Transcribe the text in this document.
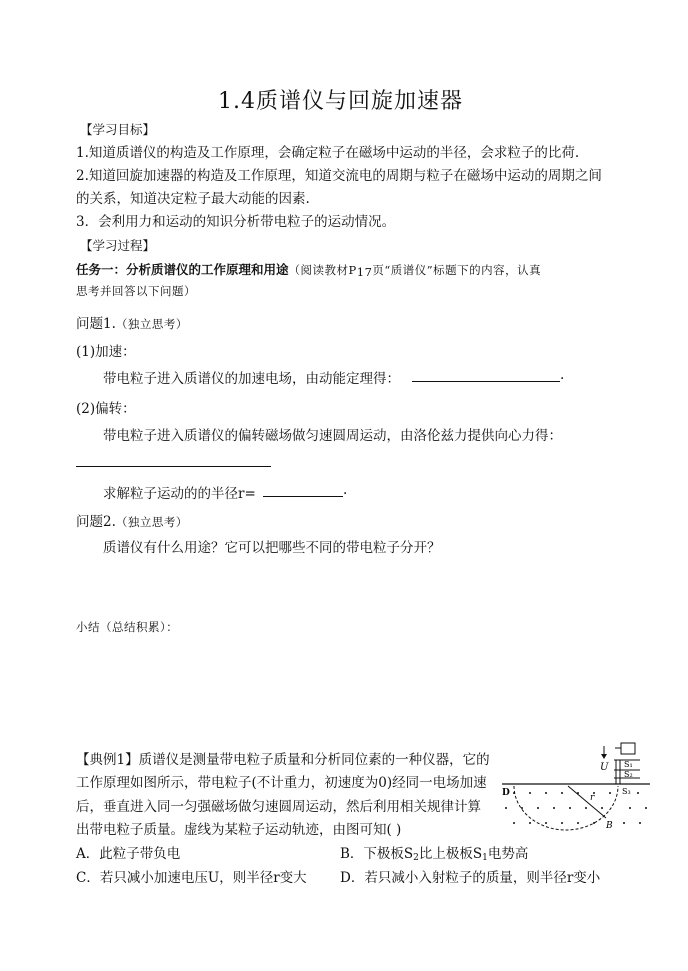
1.4质谱仪与回旋加速器
【学习目标】
1.知道质谱仪的构造及工作原理，会确定粒子在磁场中运动的半径，会求粒子的比荷.
2.知道回旋加速器的构造及工作原理，知道交流电的周期与粒子在磁场中运动的周期之间
的关系，知道决定粒子最大动能的因素.
3．会利用力和运动的知识分析带电粒子的运动情况。
【学习过程】
任务一：分析质谱仪的工作原理和用途（阅读教材$P_{17}$页“质谱仪”标题下的内容，认真
思考并回答以下问题）
问题1.（独立思考）
(1)加速：
带电粒子进入质谱仪的加速电场，由动能定理得：	.
(2)偏转：
带电粒子进入质谱仪的偏转磁场做匀速圆周运动，由洛伦兹力提供向心力得：
求解粒子运动的的半径r=	.
问题2.（独立思考）
质谱仪有什么用途？它可以把哪些不同的带电粒子分开？
小结（总结积累）：
【典例1】质谱仪是测量带电粒子质量和分析同位素的一种仪器，它的
工作原理如图所示，带电粒子(不计重力，初速度为0)经同一电场加速
后，垂直进入同一匀强磁场做匀速圆周运动，然后利用相关规律计算
出带电粒子质量。虚线为某粒子运动轨迹，由图可知( )
A．此粒子带负电	B．下极板$S_2$比上极板$S_1$电势高
C．若只减小加速电压U，则半径r变大 D．若只减小入射粒子的质量，则半径r变小
U S₁
S₂
S₃
D	r
B
